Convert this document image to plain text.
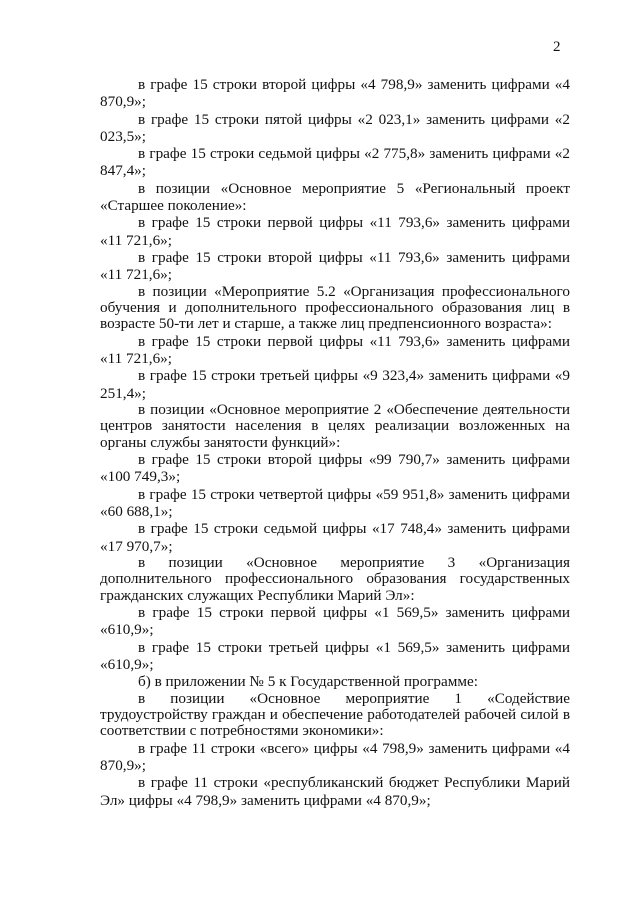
2

в графе 15 строки второй цифры «4 798,9» заменить цифрами «4 870,9»;

в графе 15 строки пятой цифры «2 023,1» заменить цифрами «2 023,5»;

в графе 15 строки седьмой цифры «2 775,8» заменить цифрами «2 847,4»;

в позиции «Основное мероприятие 5 «Региональный проект «Старшее поколение»:

в графе 15 строки первой цифры «11 793,6» заменить цифрами «11 721,6»;

в графе 15 строки второй цифры «11 793,6» заменить цифрами «11 721,6»;

в позиции «Мероприятие 5.2 «Организация профессионального обучения и дополнительного профессионального образования лиц в возрасте 50-ти лет и старше, а также лиц предпенсионного возраста»:

в графе 15 строки первой цифры «11 793,6» заменить цифрами «11 721,6»;

в графе 15 строки третьей цифры «9 323,4» заменить цифрами «9 251,4»;

в позиции «Основное мероприятие 2 «Обеспечение деятельности центров занятости населения в целях реализации возложенных на органы службы занятости функций»:

в графе 15 строки второй цифры «99 790,7» заменить цифрами «100 749,3»;

в графе 15 строки четвертой цифры «59 951,8» заменить цифрами «60 688,1»;

в графе 15 строки седьмой цифры «17 748,4» заменить цифрами «17 970,7»;

в позиции «Основное мероприятие 3 «Организация дополнительного профессионального образования государственных гражданских служащих Республики Марий Эл»:

в графе 15 строки первой цифры «1 569,5» заменить цифрами «610,9»;

в графе 15 строки третьей цифры «1 569,5» заменить цифрами «610,9»;

б) в приложении № 5 к Государственной программе:

в позиции «Основное мероприятие 1 «Содействие трудоустройству граждан и обеспечение работодателей рабочей силой в соответствии с потребностями экономики»:

в графе 11 строки «всего» цифры «4 798,9» заменить цифрами «4 870,9»;

в графе 11 строки «республиканский бюджет Республики Марий Эл» цифры «4 798,9» заменить цифрами «4 870,9»;
